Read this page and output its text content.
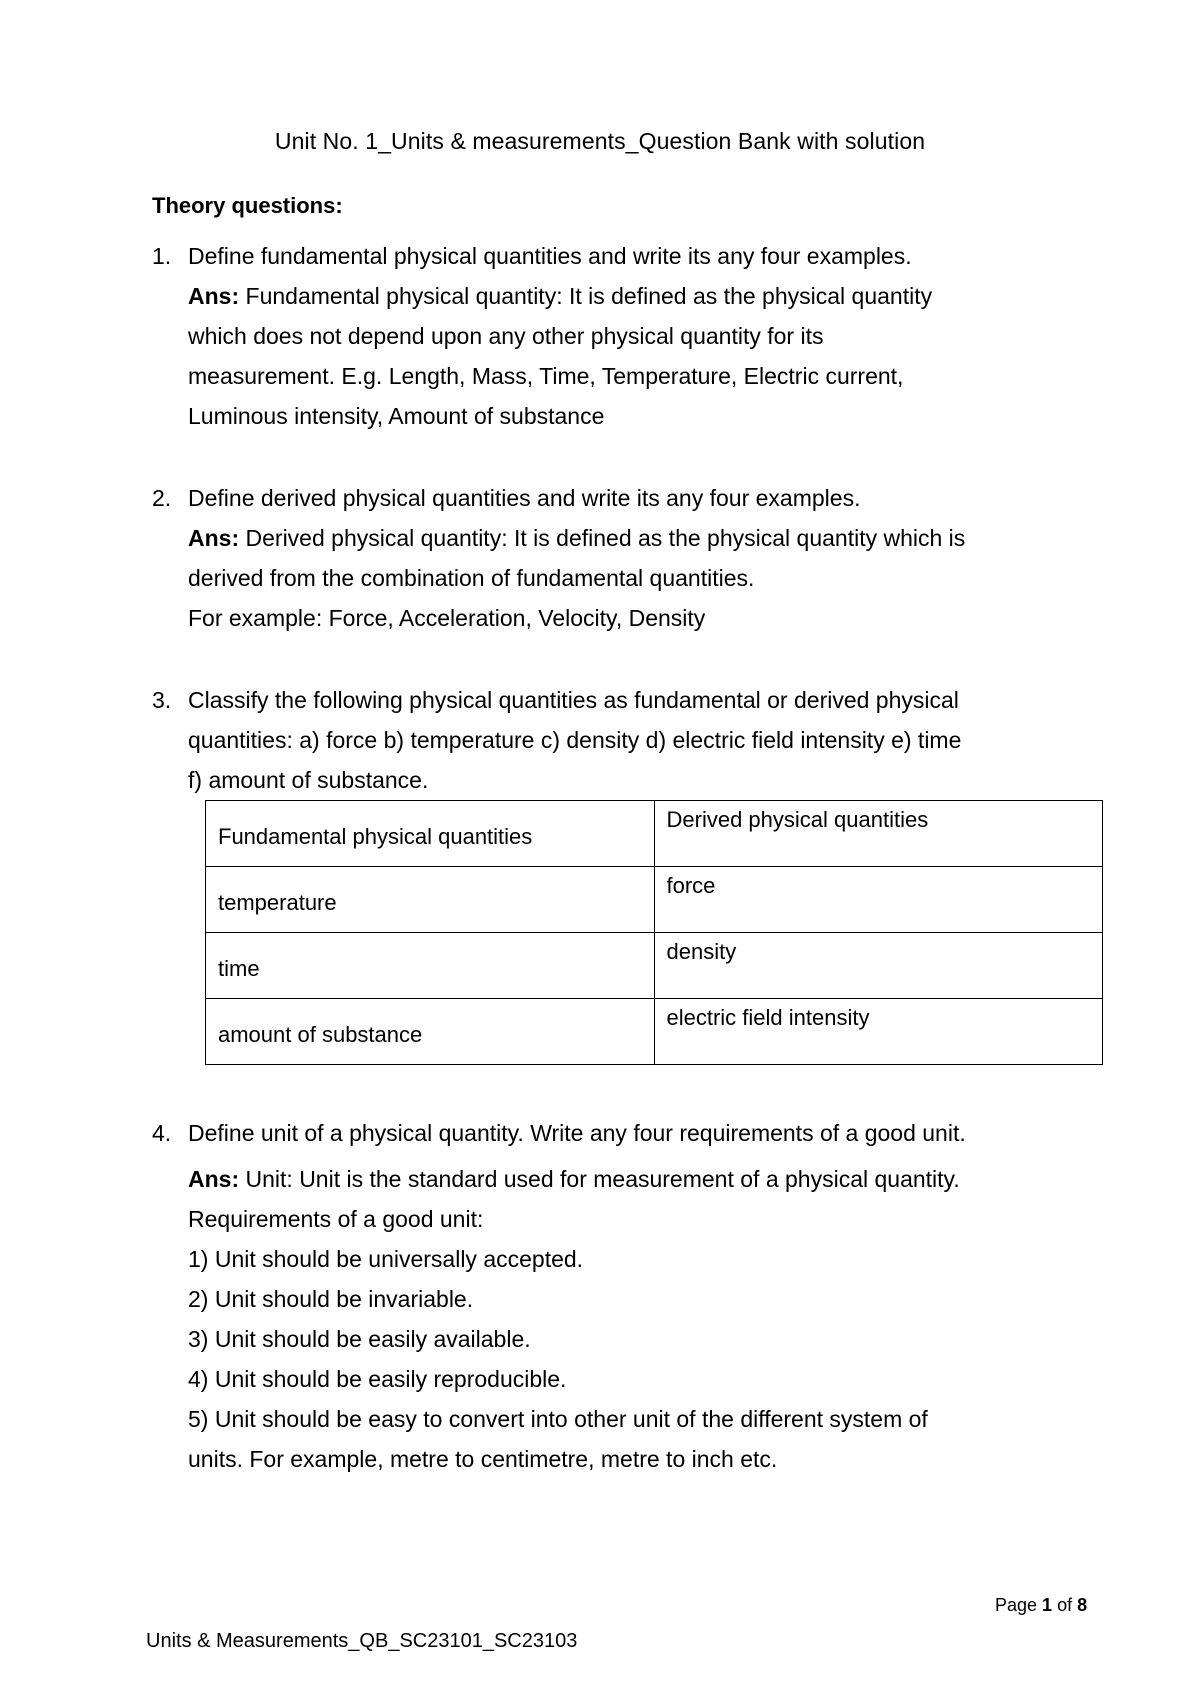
Unit No. 1_Units & measurements_Question Bank with solution
Theory questions:
1. Define fundamental physical quantities and write its any four examples.
Ans: Fundamental physical quantity: It is defined as the physical quantity
which does not depend upon any other physical quantity for its
measurement. E.g. Length, Mass, Time, Temperature, Electric current,
Luminous intensity, Amount of substance
2. Define derived physical quantities and write its any four examples.
Ans: Derived physical quantity: It is defined as the physical quantity which is
derived from the combination of fundamental quantities.
For example: Force, Acceleration, Velocity, Density
3. Classify the following physical quantities as fundamental or derived physical
quantities: a) force b) temperature c) density d) electric field intensity e) time
f) amount of substance.
Fundamental physical quantities	Derived physical quantities
temperature	force
time	density
amount of substance	electric field intensity
4. Define unit of a physical quantity. Write any four requirements of a good unit.
Ans: Unit: Unit is the standard used for measurement of a physical quantity.
Requirements of a good unit:
1) Unit should be universally accepted.
2) Unit should be invariable.
3) Unit should be easily available.
4) Unit should be easily reproducible.
5) Unit should be easy to convert into other unit of the different system of
units. For example, metre to centimetre, metre to inch etc.
Page 1 of 8
Units & Measurements_QB_SC23101_SC23103
